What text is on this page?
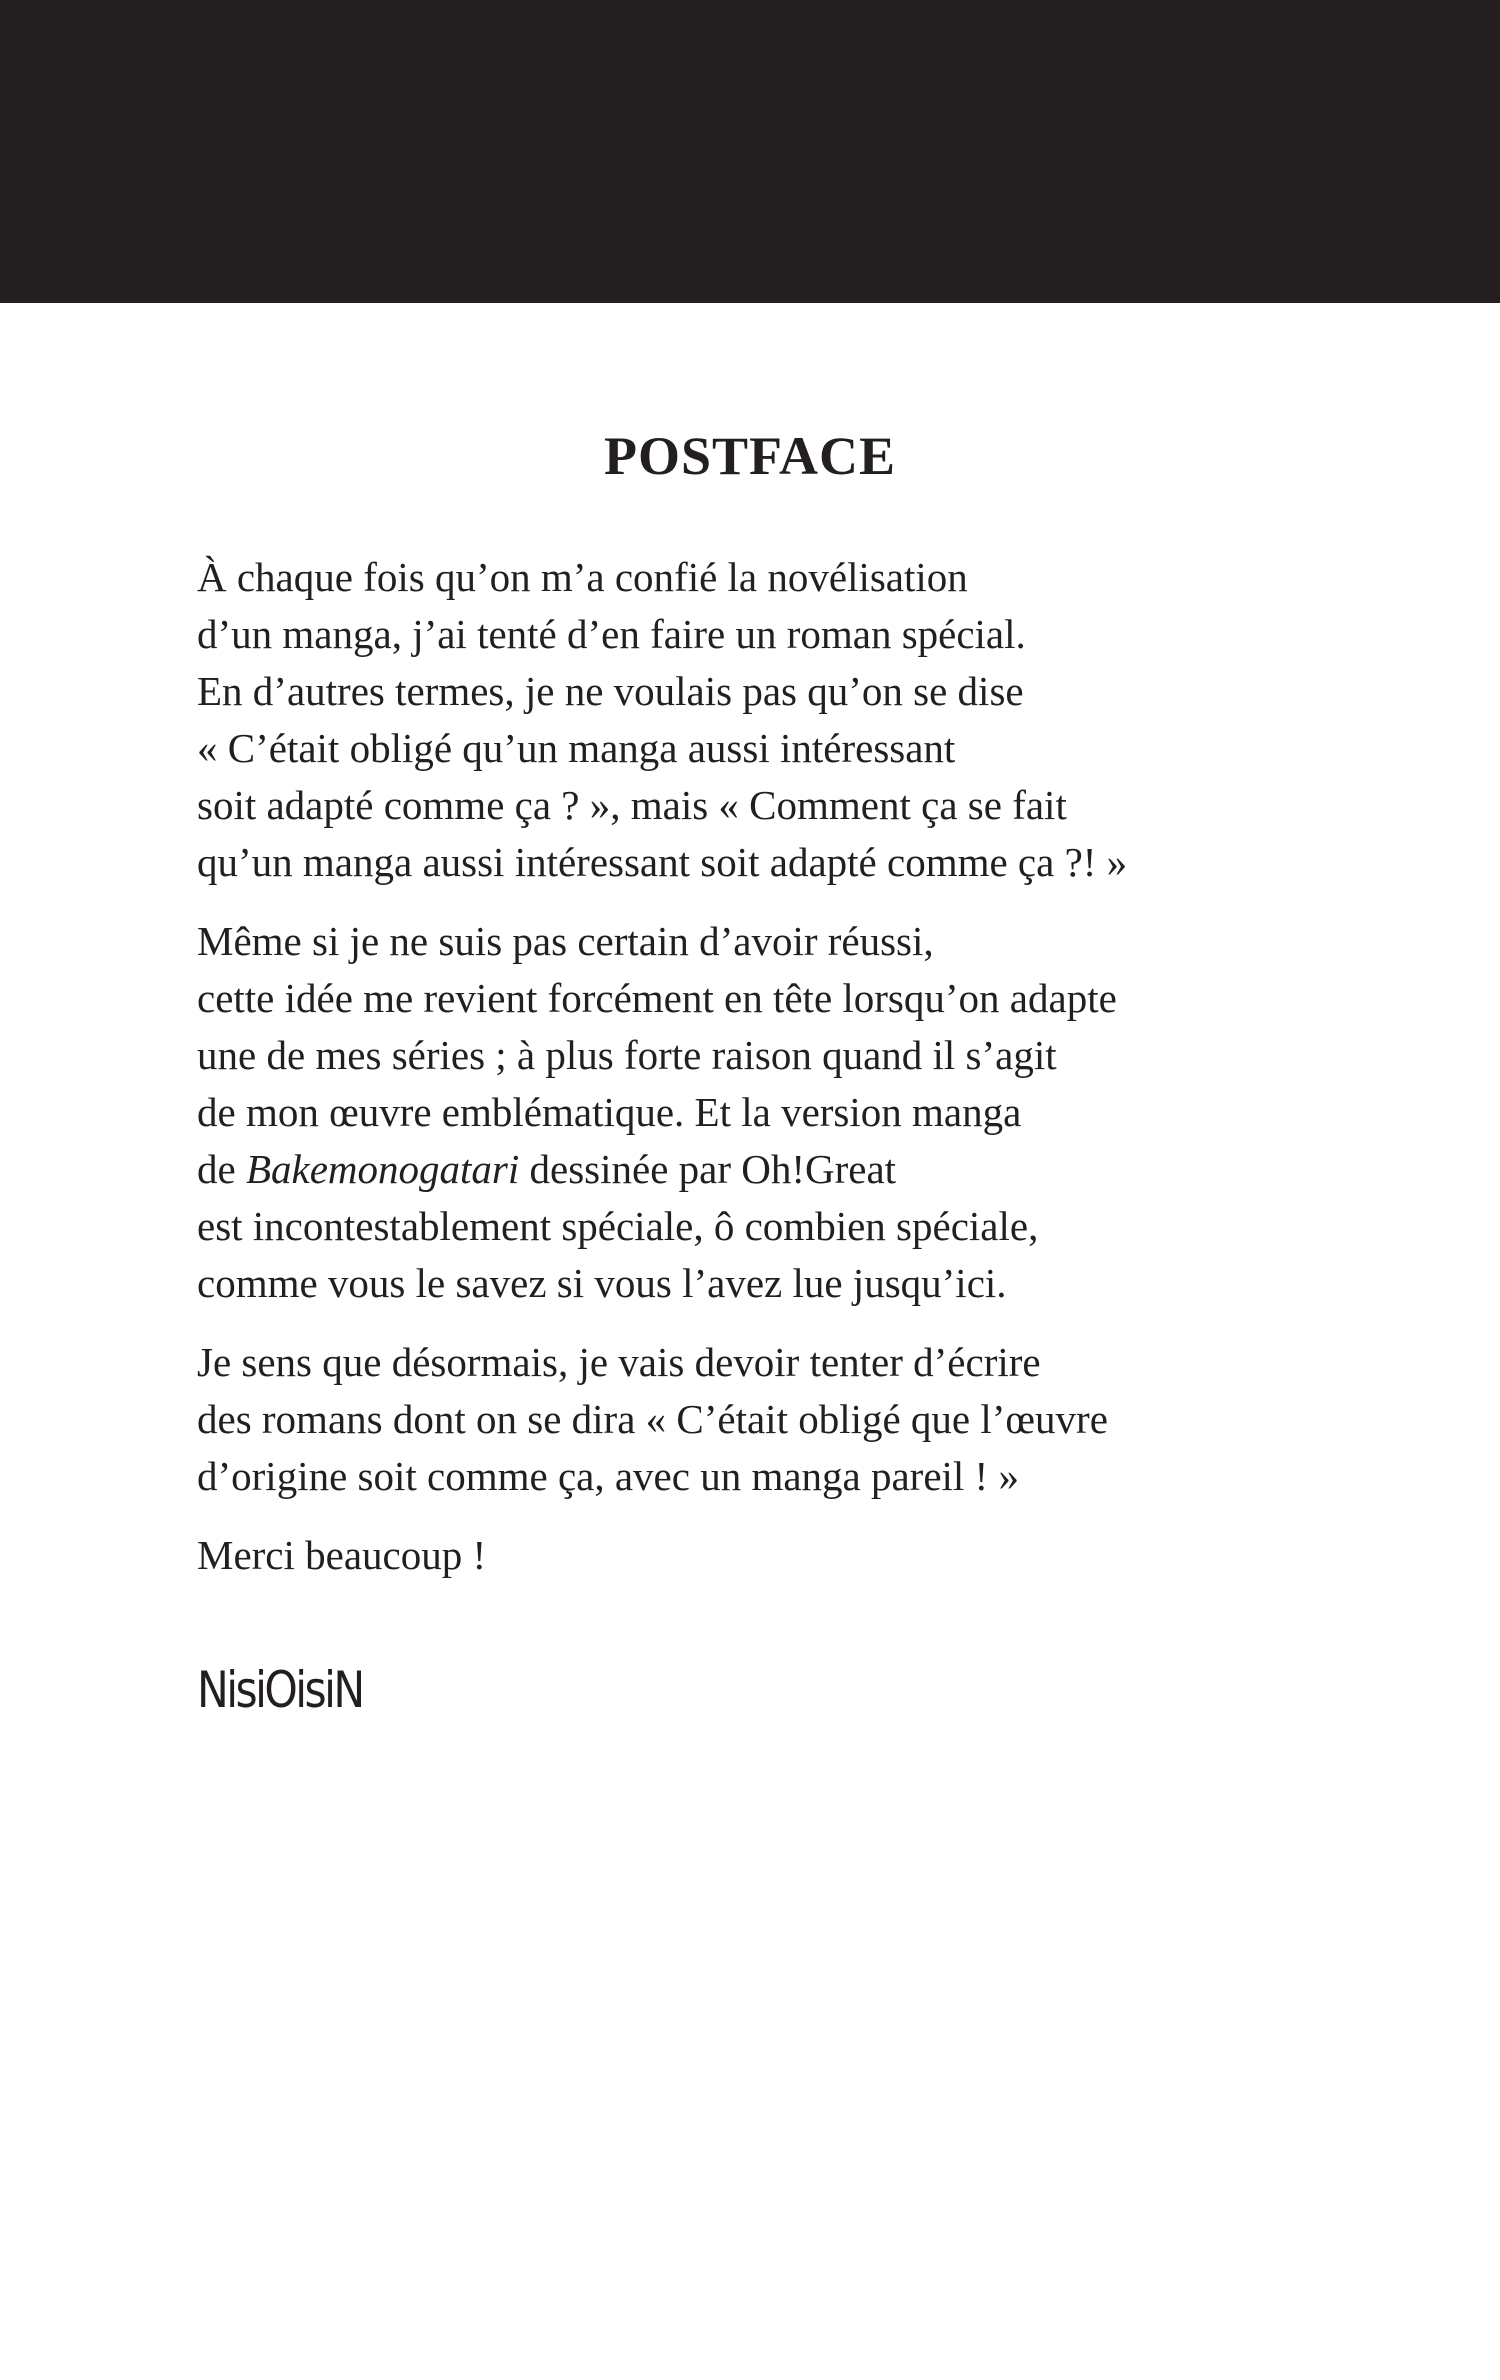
POSTFACE
À chaque fois qu’on m’a confié la novélisation
d’un manga, j’ai tenté d’en faire un roman spécial.
En d’autres termes, je ne voulais pas qu’on se dise
« C’était obligé qu’un manga aussi intéressant
soit adapté comme ça ? », mais « Comment ça se fait
qu’un manga aussi intéressant soit adapté comme ça ?! »
Même si je ne suis pas certain d’avoir réussi,
cette idée me revient forcément en tête lorsqu’on adapte
une de mes séries ; à plus forte raison quand il s’agit
de mon œuvre emblématique. Et la version manga
de Bakemonogatari dessinée par Oh!Great
est incontestablement spéciale, ô combien spéciale,
comme vous le savez si vous l’avez lue jusqu’ici.
Je sens que désormais, je vais devoir tenter d’écrire
des romans dont on se dira « C’était obligé que l’œuvre
d’origine soit comme ça, avec un manga pareil ! »
Merci beaucoup !

NisiOisiN
